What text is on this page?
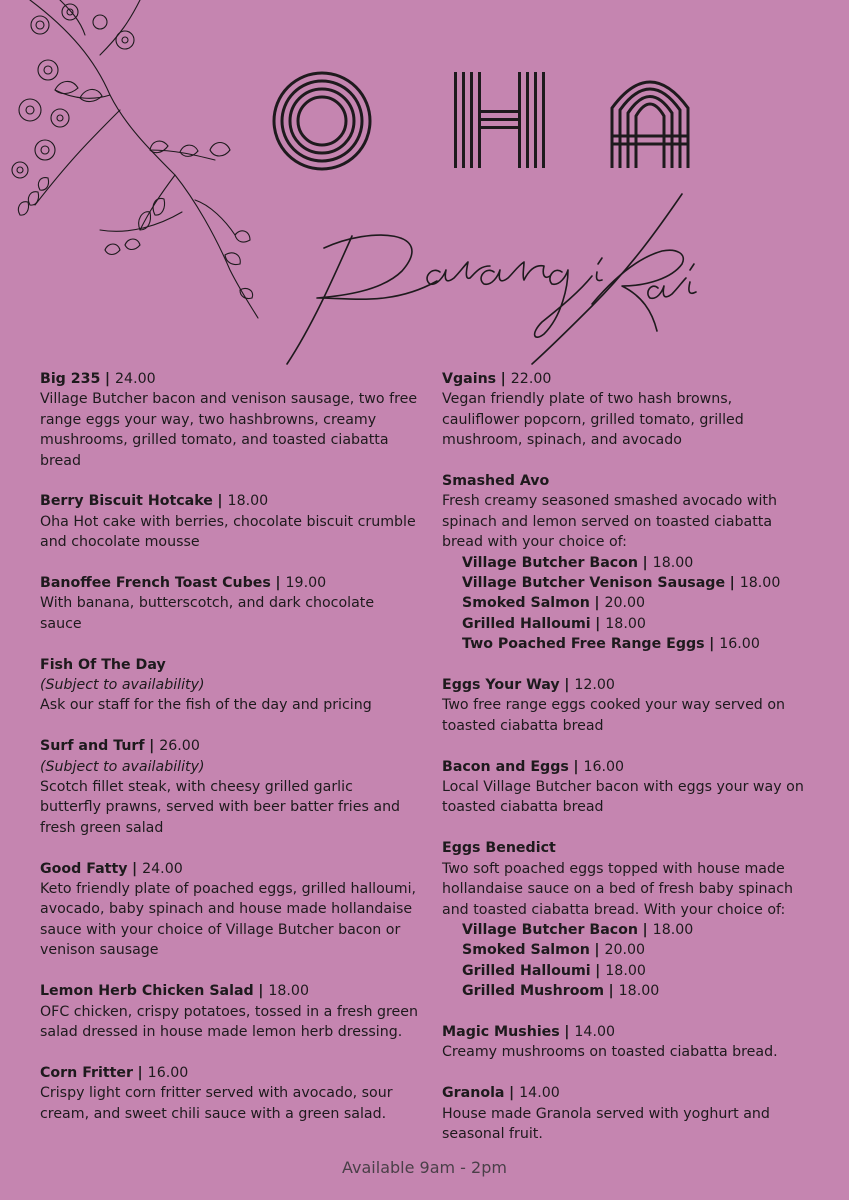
Big 235 | 24.00
Village Butcher bacon and venison sausage, two free range eggs your way, two hashbrowns, creamy mushrooms, grilled tomato, and toasted ciabatta bread
Berry Biscuit Hotcake | 18.00
Oha Hot cake with berries, chocolate biscuit crumble and chocolate mousse
Banoffee French Toast Cubes | 19.00
With banana, butterscotch, and dark chocolate sauce
Fish Of The Day
(Subject to availability)
Ask our staff for the fish of the day and pricing
Surf and Turf | 26.00
(Subject to availability)
Scotch fillet steak, with cheesy grilled garlic butterfly prawns, served with beer batter fries and fresh green salad
Good Fatty | 24.00
Keto friendly plate of poached eggs, grilled halloumi, avocado, baby spinach and house made hollandaise sauce with your choice of Village Butcher bacon or venison sausage
Lemon Herb Chicken Salad | 18.00
OFC chicken, crispy potatoes, tossed in a fresh green salad dressed in house made lemon herb dressing.
Corn Fritter | 16.00
Crispy light corn fritter served with avocado, sour cream, and sweet chili sauce with a green salad.
Vgains | 22.00
Vegan friendly plate of two hash browns, cauliflower popcorn, grilled tomato, grilled mushroom, spinach, and avocado
Smashed Avo
Fresh creamy seasoned smashed avocado with spinach and lemon served on toasted ciabatta bread with your choice of:
Village Butcher Bacon | 18.00
Village Butcher Venison Sausage | 18.00
Smoked Salmon | 20.00
Grilled Halloumi | 18.00
Two Poached Free Range Eggs | 16.00
Eggs Your Way | 12.00
Two free range eggs cooked your way served on toasted ciabatta bread
Bacon and Eggs | 16.00
Local Village Butcher bacon with eggs your way on toasted ciabatta bread
Eggs Benedict
Two soft poached eggs topped with house made hollandaise sauce on a bed of fresh baby spinach and toasted ciabatta bread. With your choice of:
Village Butcher Bacon | 18.00
Smoked Salmon | 20.00
Grilled Halloumi | 18.00
Grilled Mushroom | 18.00
Magic Mushies | 14.00
Creamy mushrooms on toasted ciabatta bread.
Granola | 14.00
House made Granola served with yoghurt and seasonal fruit.
Available 9am - 2pm
